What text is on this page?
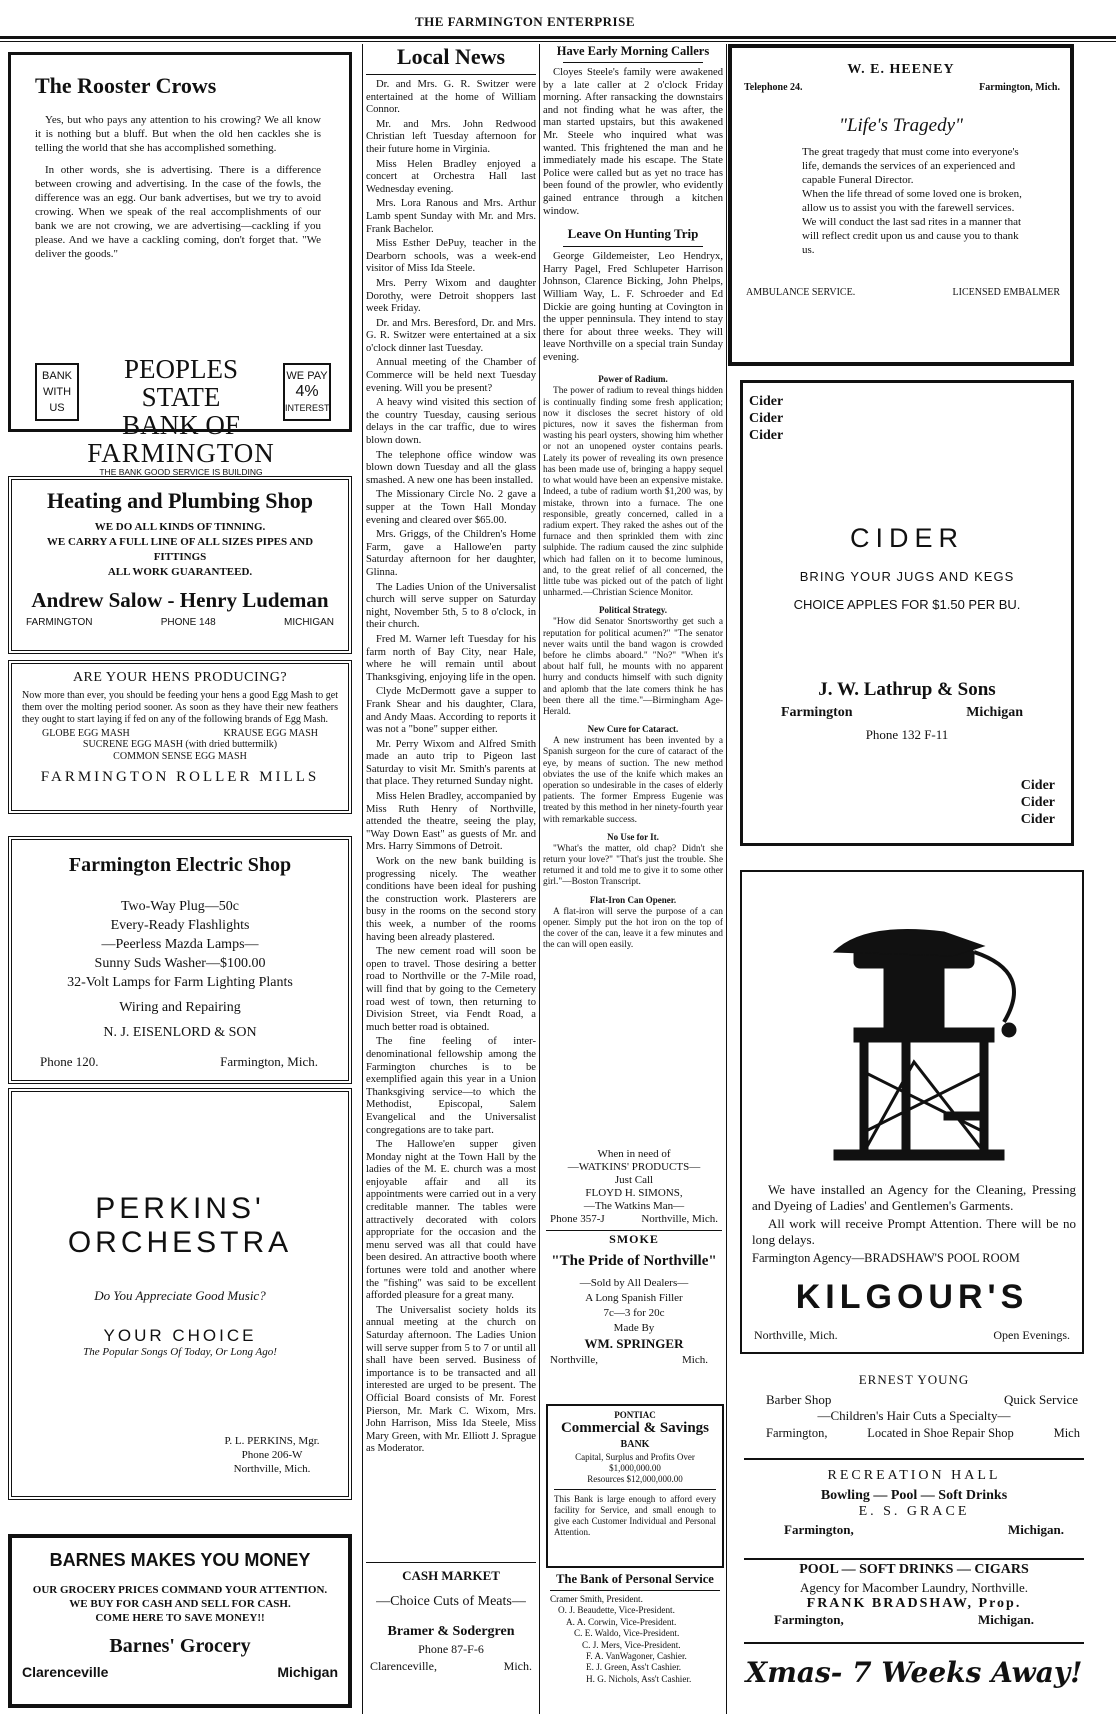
THE FARMINGTON ENTERPRISE
The Rooster Crows

Yes, but who pays any attention to his crowing? We all know it is nothing but a bluff. But when the old hen cackles she is telling the world that she has accomplished something.

In other words, she is advertising. There is a difference between crowing and advertising. In the case of the fowls, the difference was an egg. Our bank advertises, but we try to avoid crowing. When we speak of the real accomplishments of our bank we are not crowing, we are advertising—cackling if you please. And we have a cackling coming, don't forget that. "We deliver the goods."

BANK
WITH
US
PEOPLES STATE
BANK OF
FARMINGTON
THE BANK GOOD SERVICE IS BUILDING
WE PAY
4%
INTEREST
Heating and Plumbing Shop
WE DO ALL KINDS OF TINNING.
WE CARRY A FULL LINE OF ALL SIZES PIPES AND FITTINGS
ALL WORK GUARANTEED.
Andrew Salow - Henry Ludeman
FARMINGTON	PHONE 148	MICHIGAN
ARE YOUR HENS PRODUCING?

Now more than ever, you should be feeding your hens a good Egg Mash to get them over the molting period sooner. As soon as they have their new feathers they ought to start laying if fed on any of the following brands of Egg Mash.

GLOBE EGG MASH	KRAUSE EGG MASH
SUCRENE EGG MASH (with dried buttermilk)
COMMON SENSE EGG MASH
FARMINGTON ROLLER MILLS
Farmington Electric Shop
Two-Way Plug—50c
Every-Ready Flashlights
—Peerless Mazda Lamps—
Sunny Suds Washer—$100.00
32-Volt Lamps for Farm Lighting Plants
Wiring and Repairing
N. J. EISENLORD & SON
Phone 120.	Farmington, Mich.
PERKINS'
ORCHESTRA
Do You Appreciate Good Music?
YOUR CHOICE
The Popular Songs Of Today, Or Long Ago!
P. L. PERKINS, Mgr.
Phone 206-W
Northville, Mich.
BARNES MAKES YOU MONEY
OUR GROCERY PRICES COMMAND YOUR ATTENTION.
WE BUY FOR CASH AND SELL FOR CASH.
COME HERE TO SAVE MONEY!!
Barnes' Grocery
Clarenceville	Michigan
Local News

Dr. and Mrs. G. R. Switzer were entertained at the home of William Connor.

Mr. and Mrs. John Redwood Christian left Tuesday afternoon for their future home in Virginia.

Miss Helen Bradley enjoyed a concert at Orchestra Hall last Wednesday evening.

Mrs. Lora Ranous and Mrs. Arthur Lamb spent Sunday with Mr. and Mrs. Frank Bachelor.

Miss Esther DePuy, teacher in the Dearborn schools, was a week-end visitor of Miss Ida Steele.

Mrs. Perry Wixom and daughter Dorothy, were Detroit shoppers last week Friday.

Dr. and Mrs. Beresford, Dr. and Mrs. G. R. Switzer were entertained at a six o'clock dinner last Tuesday.

Annual meeting of the Chamber of Commerce will be held next Tuesday evening. Will you be present?

A heavy wind visited this section of the country Tuesday, causing serious delays in the car traffic, due to wires blown down.

The telephone office window was blown down Tuesday and all the glass smashed. A new one has been installed.

The Missionary Circle No. 2 gave a supper at the Town Hall Monday evening and cleared over $65.00.

Mrs. Griggs, of the Children's Home Farm, gave a Hallowe'en party Saturday afternoon for her daughter, Glinna.

The Ladies Union of the Universalist church will serve supper on Saturday night, November 5th, 5 to 8 o'clock, in their church.

Fred M. Warner left Tuesday for his farm north of Bay City, near Hale, where he will remain until about Thanksgiving, enjoying life in the open.

Clyde McDermott gave a supper to Frank Shear and his daughter, Clara, and Andy Maas. According to reports it was not a "bone" supper either.

Mr. Perry Wixom and Alfred Smith made an auto trip to Pigeon last Saturday to visit Mr. Smith's parents at that place. They returned Sunday night.

Miss Helen Bradley, accompanied by Miss Ruth Henry of Northville, attended the theatre, seeing the play, "Way Down East" as guests of Mr. and Mrs. Harry Simmons of Detroit.

Work on the new bank building is progressing nicely. The weather conditions have been ideal for pushing the construction work. Plasterers are busy in the rooms on the second story this week, a number of the rooms having been already plastered.

The new cement road will soon be open to travel. Those desiring a better road to Northville or the 7-Mile road, will find that by going to the Cemetery road west of town, then returning to Division Street, via Fendt Road, a much better road is obtained.

The fine feeling of inter-denominational fellowship among the Farmington churches is to be exemplified again this year in a Union Thanksgiving service—to which the Methodist, Episcopal, Salem Evangelical and the Universalist congregations are to take part.

The Hallowe'en supper given Monday night at the Town Hall by the ladies of the M. E. church was a most enjoyable affair and all its appointments were carried out in a very creditable manner. The tables were attractively decorated with colors appropriate for the occasion and the menu served was all that could have been desired. An attractive booth where fortunes were told and another where the "fishing" was said to be excellent afforded pleasure for a great many.

The Universalist society holds its annual meeting at the church on Saturday afternoon. The Ladies Union will serve supper from 5 to 7 or until all shall have been served. Business of importance is to be transacted and all interested are urged to be present. The Official Board consists of Mr. Forest Pierson, Mr. Mark C. Wixom, Mrs. John Harrison, Miss Ida Steele, Miss Mary Green, with Mr. Elliott J. Sprague as Moderator.

Have Early Morning Callers

Cloyes Steele's family were awakened by a late caller at 2 o'clock Friday morning. After ransacking the downstairs and not finding what he was after, the man started upstairs, but this awakened Mr. Steele who inquired what was wanted. This frightened the man and he immediately made his escape. The State Police were called but as yet no trace has been found of the prowler, who evidently gained entrance through a kitchen window.

Leave On Hunting Trip

George Gildemeister, Leo Hendryx, Harry Pagel, Fred Schlupeter Harrison Johnson, Clarence Bicking, John Phelps, William Way, L. F. Schroeder and Ed Dickie are going hunting at Covington in the upper penninsula. They intend to stay there for about three weeks. They will leave Northville on a special train Sunday evening.

Power of Radium.

The power of radium to reveal things hidden is continually finding some fresh application; now it discloses the secret history of old pictures, now it saves the fisherman from wasting his pearl oysters, showing him whether or not an unopened oyster contains pearls. Lately its power of revealing its own presence has been made use of, bringing a happy sequel to what would have been an expensive mistake. Indeed, a tube of radium worth $1,200 was, by mistake, thrown into a furnace. The one responsible, greatly concerned, called in a radium expert. They raked the ashes out of the furnace and then sprinkled them with zinc sulphide. The radium caused the zinc sulphide which had fallen on it to become luminous, and, to the great relief of all concerned, the little tube was picked out of the patch of light unharmed.—Christian Science Monitor.

Political Strategy.

"How did Senator Snortsworthy get such a reputation for political acumen?" "The senator never waits until the band wagon is crowded before he climbs aboard." "No?" "When it's about half full, he mounts with no apparent hurry and conducts himself with such dignity and aplomb that the late comers think he has been there all the time."—Birmingham Age-Herald.

New Cure for Cataract.

A new instrument has been invented by a Spanish surgeon for the cure of cataract of the eye, by means of suction. The new method obviates the use of the knife which makes an operation so undesirable in the cases of elderly patients. The former Empress Eugenie was treated by this method in her ninety-fourth year with remarkable success.

No Use for It.

"What's the matter, old chap? Didn't she return your love?" "That's just the trouble. She returned it and told me to give it to some other girl."—Boston Transcript.

Flat-Iron Can Opener.

A flat-iron will serve the purpose of a can opener. Simply put the hot iron on the top of the cover of the can, leave it a few minutes and the can will open easily.

When in need of
—WATKINS' PRODUCTS—
Just Call
FLOYD H. SIMONS,
—The Watkins Man—
Phone 357-J	Northville, Mich.
SMOKE
"The Pride of Northville"
—Sold by All Dealers—
A Long Spanish Filler
7c—3 for 20c
Made By
WM. SPRINGER
Northville,	Mich.
PONTIAC
Commercial & Savings
BANK
Capital, Surplus and Profits Over
$1,000,000.00
Resources $12,000,000.00

This Bank is large enough to afford every facility for Service, and small enough to give each Customer Individual and Personal Attention.

The Bank of Personal Service
Cramer Smith, President.
O. J. Beaudette, Vice-President.
A. A. Corwin, Vice-President.
C. E. Waldo, Vice-President.
C. J. Mers, Vice-President.
F. A. VanWagoner, Cashier.
E. J. Green, Ass't Cashier.
H. G. Nichols, Ass't Cashier.
CASH MARKET
—Choice Cuts of Meats—
Bramer & Sodergren
Phone 87-F-6
Clarenceville,	Mich.
W. E. HEENEY
Telephone 24.	Farmington, Mich.
"Life's Tragedy"
The great tragedy that must come into everyone's life, demands the services of an experienced and capable Funeral Director.
When the life thread of some loved one is broken, allow us to assist you with the farewell services.
We will conduct the last sad rites in a manner that will reflect credit upon us and cause you to thank us.
AMBULANCE SERVICE.	LICENSED EMBALMER
Cider
Cider
Cider
CIDER
BRING YOUR JUGS AND KEGS
CHOICE APPLES FOR $1.50 PER BU.
J. W. Lathrup & Sons
Farmington	Michigan
Phone 132 F-11
Cider
Cider
Cider

We have installed an Agency for the Cleaning, Pressing and Dyeing of Ladies' and Gentlemen's Garments.

All work will receive Prompt Attention. There will be no long delays.

Farmington Agency—BRADSHAW'S POOL ROOM
KILGOUR'S
Northville, Mich.	Open Evenings.
ERNEST YOUNG
Barber Shop	Quick Service
—Children's Hair Cuts a Specialty—
Farmington,	Located in Shoe Repair Shop	Mich
RECREATION HALL
Bowling — Pool — Soft Drinks
E. S. GRACE
Farmington,	Michigan.
POOL — SOFT DRINKS — CIGARS
Agency for Macomber Laundry, Northville.
FRANK BRADSHAW, Prop.
Farmington,	Michigan.
Xmas- 7 Weeks Away!
